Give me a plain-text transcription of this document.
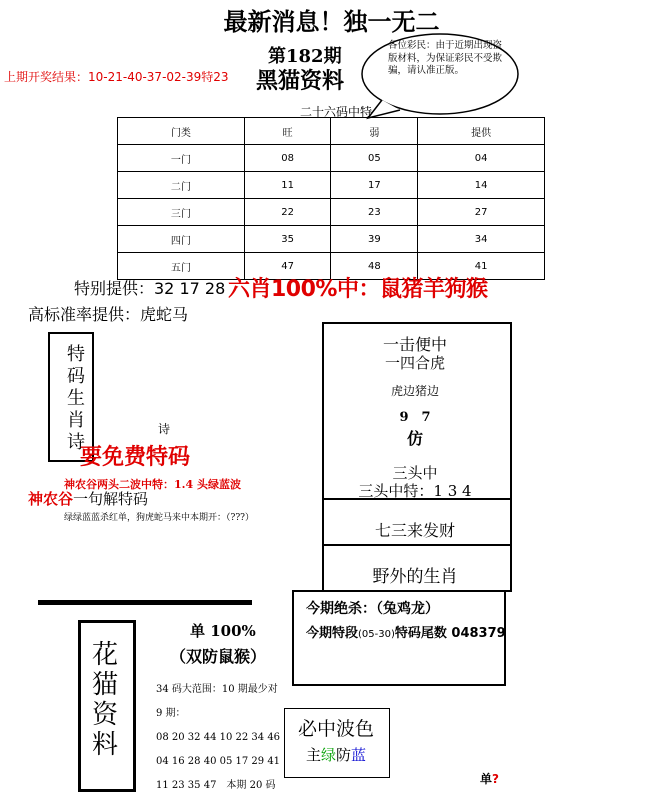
最新消息！独一无二
第182期
黑猫资料
上期开奖结果：10-21-40-37-02-39特23
各位彩民：由于近期出现盗版材料，为保证彩民不受欺骗，请认准正版。
二十六码中特
门类	旺	弱	提供
一门	08	05	04
二门	11	17	14
三门	22	23	27
四门	35	39	34
五门	47	48	41
特别提供：32 17 28 六肖100%中：鼠猪羊狗猴
高标准率提供：虎蛇马
特码生肖诗
诗
要免费特码
神农谷两头二波中特：1.4 头绿蓝波
神农谷一句解特码
绿绿蓝蓝杀红单，狗虎蛇马来中本期开：（???）
一击便中
一四合虎
虎边猪边
9　7
仿
三头中
三头中特：1 3 4
七三来发财
野外的生肖
今期绝杀：（兔鸡龙）
今期特段(05-30)特码尾数 048379
花猫资料
单 100%
（双防鼠猴）
34 码大范围：10 期最少对
9 期：
08 20 32 44 10 22 34 46
04 16 28 40 05 17 29 41
11 23 35 47　本期 20 码
必中波色
主绿防蓝
单?
